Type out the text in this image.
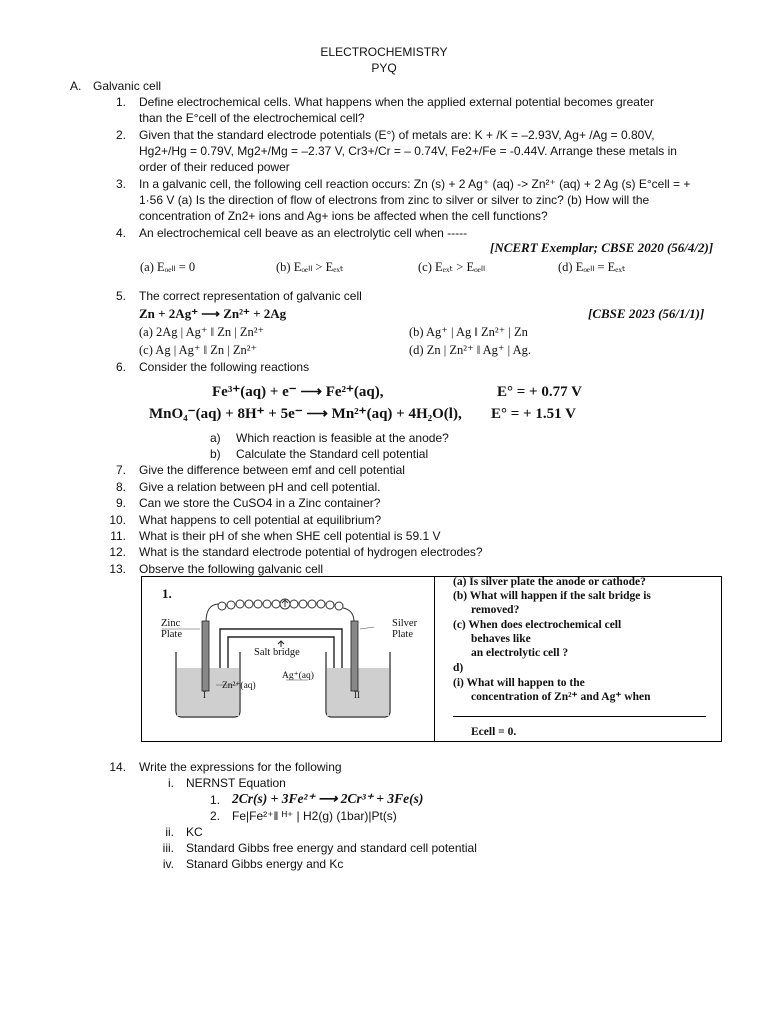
ELECTROCHEMISTRY
PYQ
A. Galvanic cell
1. Define electrochemical cells. What happens when the applied external potential becomes greater
than the E°cell of the electrochemical cell?
2. Given that the standard electrode potentials (E°) of metals are: K + /K = –2.93V, Ag+ /Ag = 0.80V,
Hg2+/Hg = 0.79V, Mg2+/Mg = –2.37 V, Cr3+/Cr = – 0.74V, Fe2+/Fe = -0.44V. Arrange these metals in
order of their reduced power
3. In a galvanic cell, the following cell reaction occurs: Zn (s) + 2 Ag⁺ (aq) -> Zn²⁺ (aq) + 2 Ag (s) E°cell = +
1·56 V (a) Is the direction of flow of electrons from zinc to silver or silver to zinc? (b) How will the
concentration of Zn2+ ions and Ag+ ions be affected when the cell functions?
4. An electrochemical cell beave as an electrolytic cell when -----
[NCERT Exemplar; CBSE 2020 (56/4/2)]
(a) Eₒₑₗₗ = 0	(b) Eₒₑₗₗ > Eₑₓₜ	(c) Eₑₓₜ > Eₒₑₗₗ	(d) Eₒₑₗₗ = Eₑₓₜ
5. The correct representation of galvanic cell
Zn + 2Ag⁺ ⟶ Zn²⁺ + 2Ag	[CBSE 2023 (56/1/1)]
(a) 2Ag | Ag⁺ ‖ Zn | Zn²⁺	(b) Ag⁺ | Ag ‖ Zn²⁺ | Zn
(c) Ag | Ag⁺ ‖ Zn | Zn²⁺	(d) Zn | Zn²⁺ ‖ Ag⁺ | Ag.
6. Consider the following reactions
Fe³⁺(aq) + e⁻ ⟶ Fe²⁺(aq),	E° = + 0.77 V
MnO₄⁻(aq) + 8H⁺ + 5e⁻ ⟶ Mn²⁺(aq) + 4H₂O(l), E° = + 1.51 V
a) Which reaction is feasible at the anode?
b) Calculate the Standard cell potential
7. Give the difference between emf and cell potential
8. Give a relation between pH and cell potential.
9. Can we store the CuSO4 in a Zinc container?
10. What happens to cell potential at equilibrium?
11. What is their pH of she when SHE cell potential is 59.1 V
12. What is the standard electrode potential of hydrogen electrodes?
13. Observe the following galvanic cell
1.
Zinc
Plate
Silver
Plate
Salt bridge
Zn²⁺(aq)
Ag⁺(aq)
I	II
(a) Is silver plate the anode or cathode?
(b) What will happen if the salt bridge is
removed?
(c) When does electrochemical cell
behaves like
an electrolytic cell ?
d)
(i) What will happen to the
concentration of Zn²⁺ and Ag⁺ when
Ecell = 0.
14. Write the expressions for the following
i. NERNST Equation
1. 2Cr(s) + 3Fe²⁺ ⟶ 2Cr³⁺ + 3Fe(s)
2. Fe|Fe²⁺‖ ᴴ⁺ | H2(g) (1bar)|Pt(s)
ii. KC
iii. Standard Gibbs free energy and standard cell potential
iv. Stanard Gibbs energy and Kc
